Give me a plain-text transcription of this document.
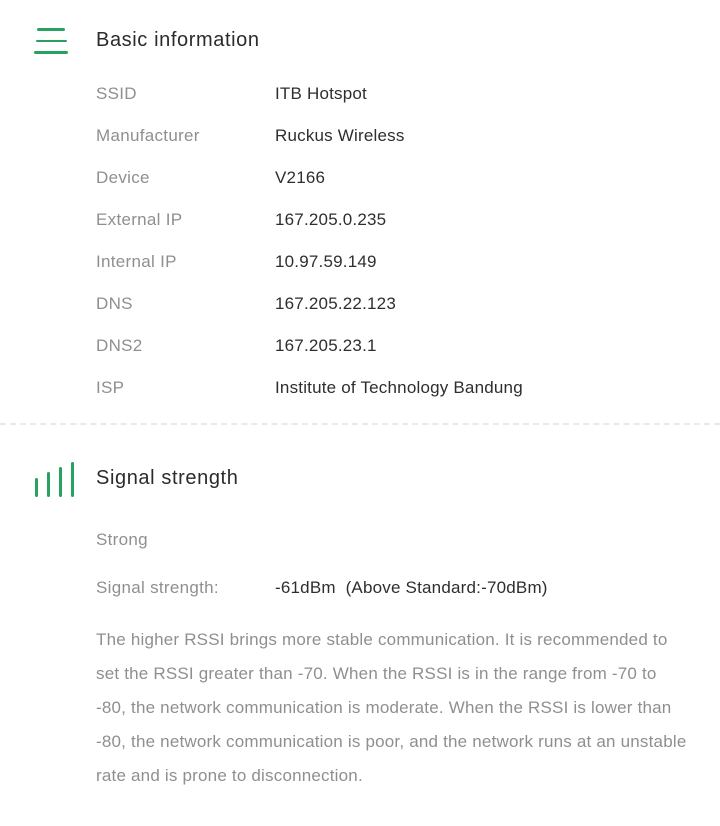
Basic information
SSID	ITB Hotspot
Manufacturer	Ruckus Wireless
Device	V2166
External IP	167.205.0.235
Internal IP	10.97.59.149
DNS	167.205.22.123
DNS2	167.205.23.1
ISP	Institute of Technology Bandung
Signal strength
Strong
Signal strength:	-61dBm  (Above Standard:-70dBm)

The higher RSSI brings more stable communication. It is recommended to set the RSSI greater than -70. When the RSSI is in the range from -70 to -80, the network communication is moderate. When the RSSI is lower than -80, the network communication is poor, and the network runs at an unstable rate and is prone to disconnection.
